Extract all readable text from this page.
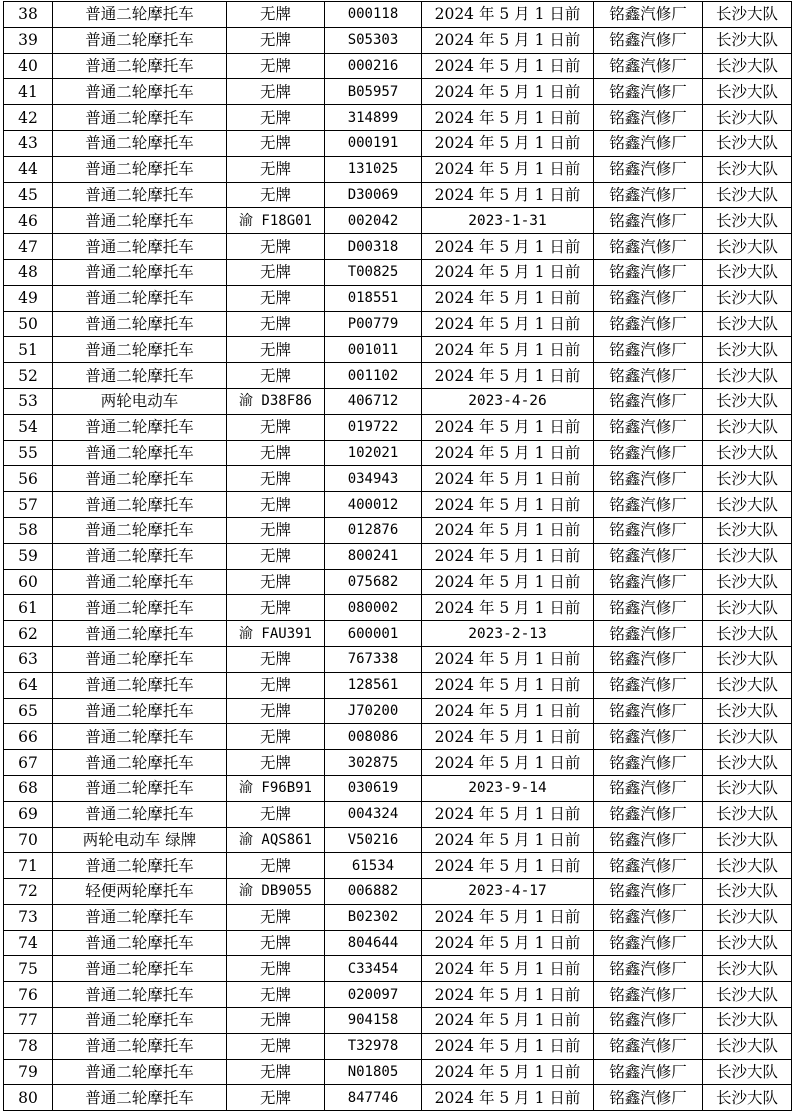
38	普通二轮摩托车	无牌	000118	2024 年 5 月 1 日前	铭鑫汽修厂	长沙大队
39	普通二轮摩托车	无牌	S05303	2024 年 5 月 1 日前	铭鑫汽修厂	长沙大队
40	普通二轮摩托车	无牌	000216	2024 年 5 月 1 日前	铭鑫汽修厂	长沙大队
41	普通二轮摩托车	无牌	B05957	2024 年 5 月 1 日前	铭鑫汽修厂	长沙大队
42	普通二轮摩托车	无牌	314899	2024 年 5 月 1 日前	铭鑫汽修厂	长沙大队
43	普通二轮摩托车	无牌	000191	2024 年 5 月 1 日前	铭鑫汽修厂	长沙大队
44	普通二轮摩托车	无牌	131025	2024 年 5 月 1 日前	铭鑫汽修厂	长沙大队
45	普通二轮摩托车	无牌	D30069	2024 年 5 月 1 日前	铭鑫汽修厂	长沙大队
46	普通二轮摩托车	渝 F18G01	002042	2023-1-31	铭鑫汽修厂	长沙大队
47	普通二轮摩托车	无牌	D00318	2024 年 5 月 1 日前	铭鑫汽修厂	长沙大队
48	普通二轮摩托车	无牌	T00825	2024 年 5 月 1 日前	铭鑫汽修厂	长沙大队
49	普通二轮摩托车	无牌	018551	2024 年 5 月 1 日前	铭鑫汽修厂	长沙大队
50	普通二轮摩托车	无牌	P00779	2024 年 5 月 1 日前	铭鑫汽修厂	长沙大队
51	普通二轮摩托车	无牌	001011	2024 年 5 月 1 日前	铭鑫汽修厂	长沙大队
52	普通二轮摩托车	无牌	001102	2024 年 5 月 1 日前	铭鑫汽修厂	长沙大队
53	两轮电动车	渝 D38F86	406712	2023-4-26	铭鑫汽修厂	长沙大队
54	普通二轮摩托车	无牌	019722	2024 年 5 月 1 日前	铭鑫汽修厂	长沙大队
55	普通二轮摩托车	无牌	102021	2024 年 5 月 1 日前	铭鑫汽修厂	长沙大队
56	普通二轮摩托车	无牌	034943	2024 年 5 月 1 日前	铭鑫汽修厂	长沙大队
57	普通二轮摩托车	无牌	400012	2024 年 5 月 1 日前	铭鑫汽修厂	长沙大队
58	普通二轮摩托车	无牌	012876	2024 年 5 月 1 日前	铭鑫汽修厂	长沙大队
59	普通二轮摩托车	无牌	800241	2024 年 5 月 1 日前	铭鑫汽修厂	长沙大队
60	普通二轮摩托车	无牌	075682	2024 年 5 月 1 日前	铭鑫汽修厂	长沙大队
61	普通二轮摩托车	无牌	080002	2024 年 5 月 1 日前	铭鑫汽修厂	长沙大队
62	普通二轮摩托车	渝 FAU391	600001	2023-2-13	铭鑫汽修厂	长沙大队
63	普通二轮摩托车	无牌	767338	2024 年 5 月 1 日前	铭鑫汽修厂	长沙大队
64	普通二轮摩托车	无牌	128561	2024 年 5 月 1 日前	铭鑫汽修厂	长沙大队
65	普通二轮摩托车	无牌	J70200	2024 年 5 月 1 日前	铭鑫汽修厂	长沙大队
66	普通二轮摩托车	无牌	008086	2024 年 5 月 1 日前	铭鑫汽修厂	长沙大队
67	普通二轮摩托车	无牌	302875	2024 年 5 月 1 日前	铭鑫汽修厂	长沙大队
68	普通二轮摩托车	渝 F96B91	030619	2023-9-14	铭鑫汽修厂	长沙大队
69	普通二轮摩托车	无牌	004324	2024 年 5 月 1 日前	铭鑫汽修厂	长沙大队
70	两轮电动车 绿牌	渝 AQS861	V50216	2024 年 5 月 1 日前	铭鑫汽修厂	长沙大队
71	普通二轮摩托车	无牌	61534	2024 年 5 月 1 日前	铭鑫汽修厂	长沙大队
72	轻便两轮摩托车	渝 DB9055	006882	2023-4-17	铭鑫汽修厂	长沙大队
73	普通二轮摩托车	无牌	B02302	2024 年 5 月 1 日前	铭鑫汽修厂	长沙大队
74	普通二轮摩托车	无牌	804644	2024 年 5 月 1 日前	铭鑫汽修厂	长沙大队
75	普通二轮摩托车	无牌	C33454	2024 年 5 月 1 日前	铭鑫汽修厂	长沙大队
76	普通二轮摩托车	无牌	020097	2024 年 5 月 1 日前	铭鑫汽修厂	长沙大队
77	普通二轮摩托车	无牌	904158	2024 年 5 月 1 日前	铭鑫汽修厂	长沙大队
78	普通二轮摩托车	无牌	T32978	2024 年 5 月 1 日前	铭鑫汽修厂	长沙大队
79	普通二轮摩托车	无牌	N01805	2024 年 5 月 1 日前	铭鑫汽修厂	长沙大队
80	普通二轮摩托车	无牌	847746	2024 年 5 月 1 日前	铭鑫汽修厂	长沙大队
